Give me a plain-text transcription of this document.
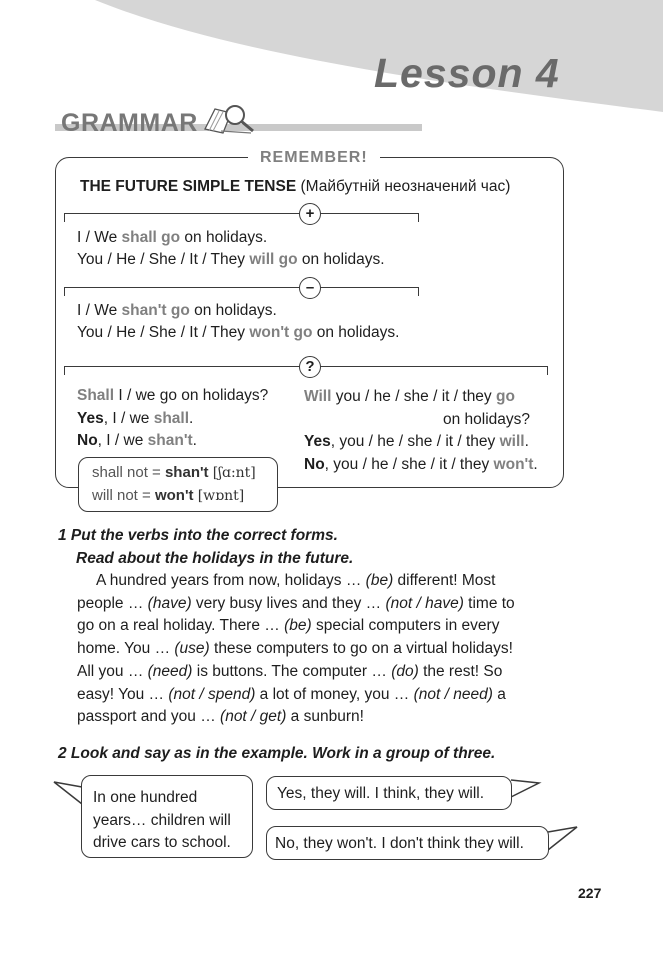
Lesson 4
GRAMMAR
REMEMBER!
THE FUTURE SIMPLE TENSE (Майбутній неозначений час)
+
I / We shall go on holidays.
You / He / She / It / They will go on holidays.
–
I / We shan't go on holidays.
You / He / She / It / They won't go on holidays.
?
Shall I / we go on holidays?
Yes, I / we shall.
No, I / we shan't.
Will you / he / she / it / they go
on holidays?
Yes, you / he / she / it / they will.
No, you / he / she / it / they won't.
shall not = shan't [ʃɑ:nt]
will not = won't [wɒnt]
1 Put the verbs into the correct forms.
Read about the holidays in the future.
A hundred years from now, holidays … (be) different! Most
people … (have) very busy lives and they … (not / have) time to
go on a real holiday. There … (be) special computers in every
home. You … (use) these computers to go on a virtual holidays!
All you … (need) is buttons. The computer … (do) the rest! So
easy! You … (not / spend) a lot of money, you … (not / need) a
passport and you … (not / get) a sunburn!
2 Look and say as in the example. Work in a group of three.
In one hundred
years… children will
drive cars to school.
Yes, they will. I think, they will.
No, they won't. I don't think they will.
227
